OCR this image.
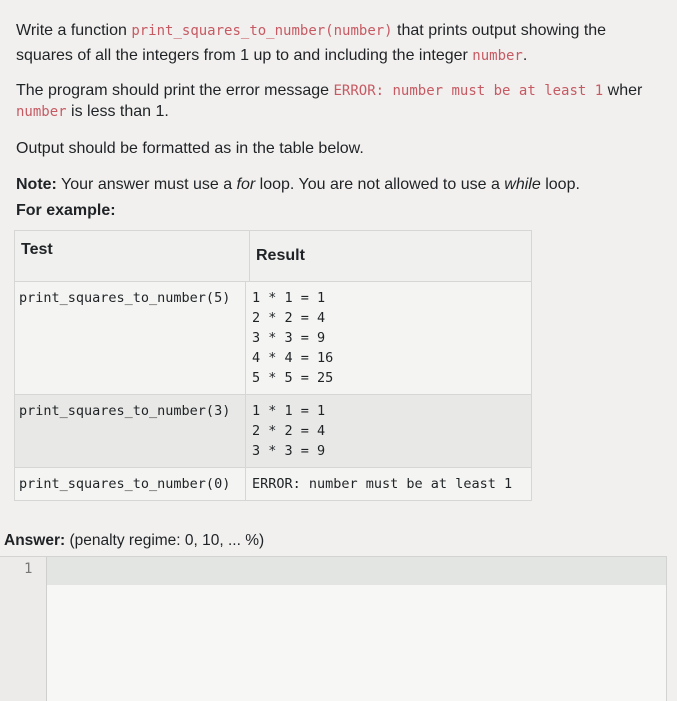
Write a function print_squares_to_number(number) that prints output showing the
squares of all the integers from 1 up to and including the integer number.
The program should print the error message ERROR: number must be at least 1 wher
number is less than 1.
Output should be formatted as in the table below.
Note: Your answer must use a for loop. You are not allowed to use a while loop.
For example:
Test	Result
print_squares_to_number(5)	1 * 1 = 1
2 * 2 = 4
3 * 3 = 9
4 * 4 = 16
5 * 5 = 25
print_squares_to_number(3)	1 * 1 = 1
2 * 2 = 4
3 * 3 = 9
print_squares_to_number(0)	ERROR: number must be at least 1
Answer: (penalty regime: 0, 10, ... %)
1
